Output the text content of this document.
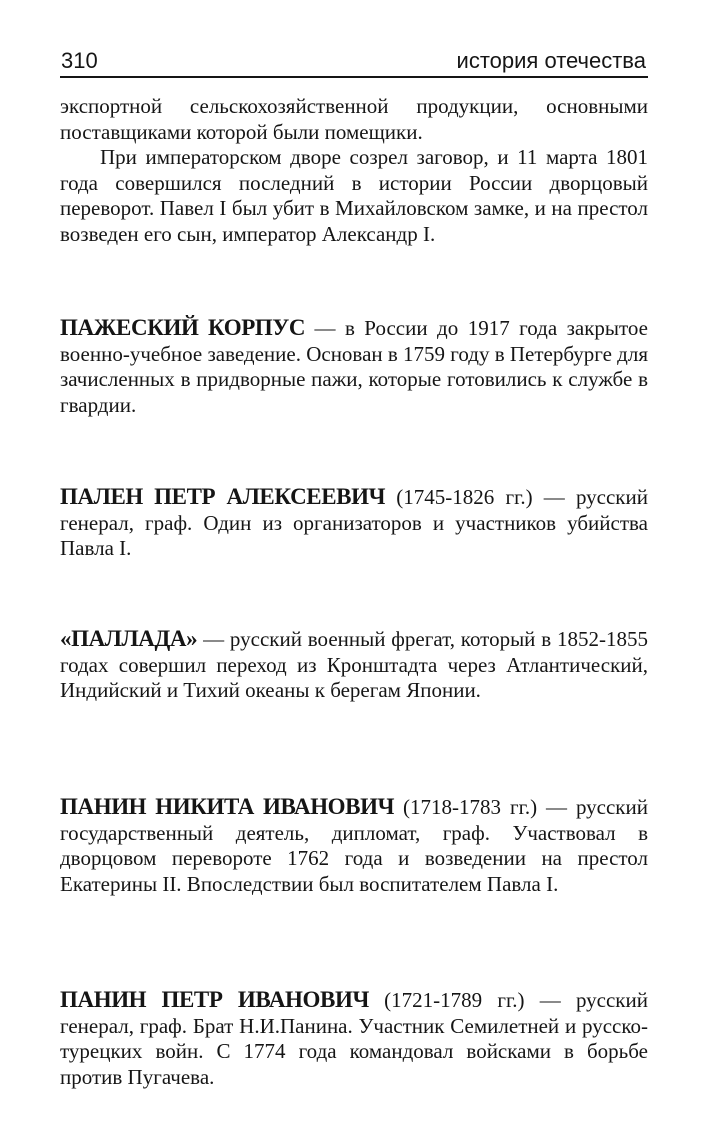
310	история отечества

экспортной сельскохозяйственной продукции, основными поставщиками которой были помещики.

При императорском дворе созрел заговор, и 11 марта 1801 года совершился последний в истории России дворцовый переворот. Павел I был убит в Михайловском замке, и на престол возведен его сын, император Александр I.

ПАЖЕСКИЙ КОРПУС — в России до 1917 года закрытое военно-учебное заведение. Основан в 1759 году в Петербурге для зачисленных в придворные пажи, которые готовились к службе в гвардии.

ПАЛЕН ПЕТР АЛЕКСЕЕВИЧ (1745-1826 гг.) — русский генерал, граф. Один из организаторов и участников убийства Павла I.

«ПАЛЛАДА» — русский военный фрегат, который в 1852-1855 годах совершил переход из Кронштадта через Атлантический, Индийский и Тихий океаны к берегам Японии.

ПАНИН НИКИТА ИВАНОВИЧ (1718-1783 гг.) — русский государственный деятель, дипломат, граф. Участвовал в дворцовом перевороте 1762 года и возведении на престол Екатерины II. Впоследствии был воспитателем Павла I.

ПАНИН ПЕТР ИВАНОВИЧ (1721-1789 гг.) — русский генерал, граф. Брат Н.И.Панина. Участник Семилетней и русско-турецких войн. С 1774 года командовал войсками в борьбе против Пугачева.
